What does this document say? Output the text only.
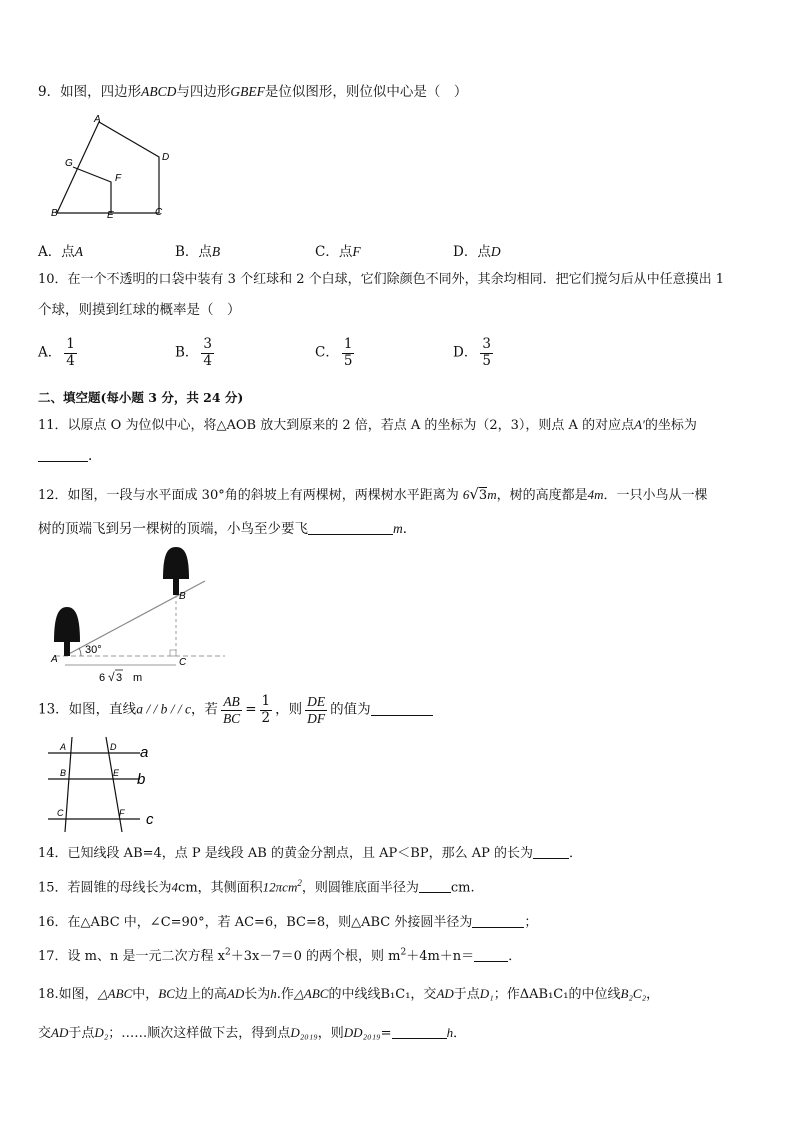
9．如图，四边形ABCD与四边形GBEF是位似图形，则位似中心是（　）
A
G
F
D
B	E	C
A．点A	B．点B	C．点F	D．点D
10．在一个不透明的口袋中装有 3 个红球和 2 个白球，它们除颜色不同外，其余均相同．把它们搅匀后从中任意摸出 1
个球，则摸到红球的概率是（　）
A． $\frac{1}{4}$	B． $\frac{3}{4}$	C． $\frac{1}{5}$	D． $\frac{3}{5}$
二、填空题(每小题 3 分，共 24 分)
11．以原点 O 为位似中心，将△AOB 放大到原来的 2 倍，若点 A 的坐标为（2，3），则点 A 的对应点A′的坐标为
.
12．如图，一段与水平面成 30°角的斜坡上有两棵树，两棵树水平距离为 6√3m，树的高度都是4m．一只小鸟从一棵
树的顶端飞到另一棵树的顶端，小鸟至少要飞	m．
30°
A
B
C
6 √ 3 m
13．如图，直线a / / b / / c，若 $\frac{AB}{BC} = \frac{1}{2}$ ，则 $\frac{DE}{DF}$ 的值为
A
B
C
D
E
F
a
b
c
14．已知线段 AB=4，点 P 是线段 AB 的黄金分割点，且 AP＜BP，那么 AP 的长为	．
15．若圆锥的母线长为4cm，其侧面积12πcm$^2$，则圆锥底面半径为 cm.
16．在△ABC 中，∠C=90°，若 AC=6，BC=8，则△ABC 外接圆半径为	；
17．设 m、n 是一元二次方程 $x^2+3x-7=0$ 的两个根，则 $m^2+4m+n=$	．
18.如图，△ABC中，BC边上的高AD长为h.作△ABC的中线线B₁C₁，交AD于点D₁；作ΔAB₁C₁的中位线B₂C₂，
交AD于点D₂；……顺次这样做下去，得到点D₂₀₁₉，则DD₂₀₁₉=	h．
